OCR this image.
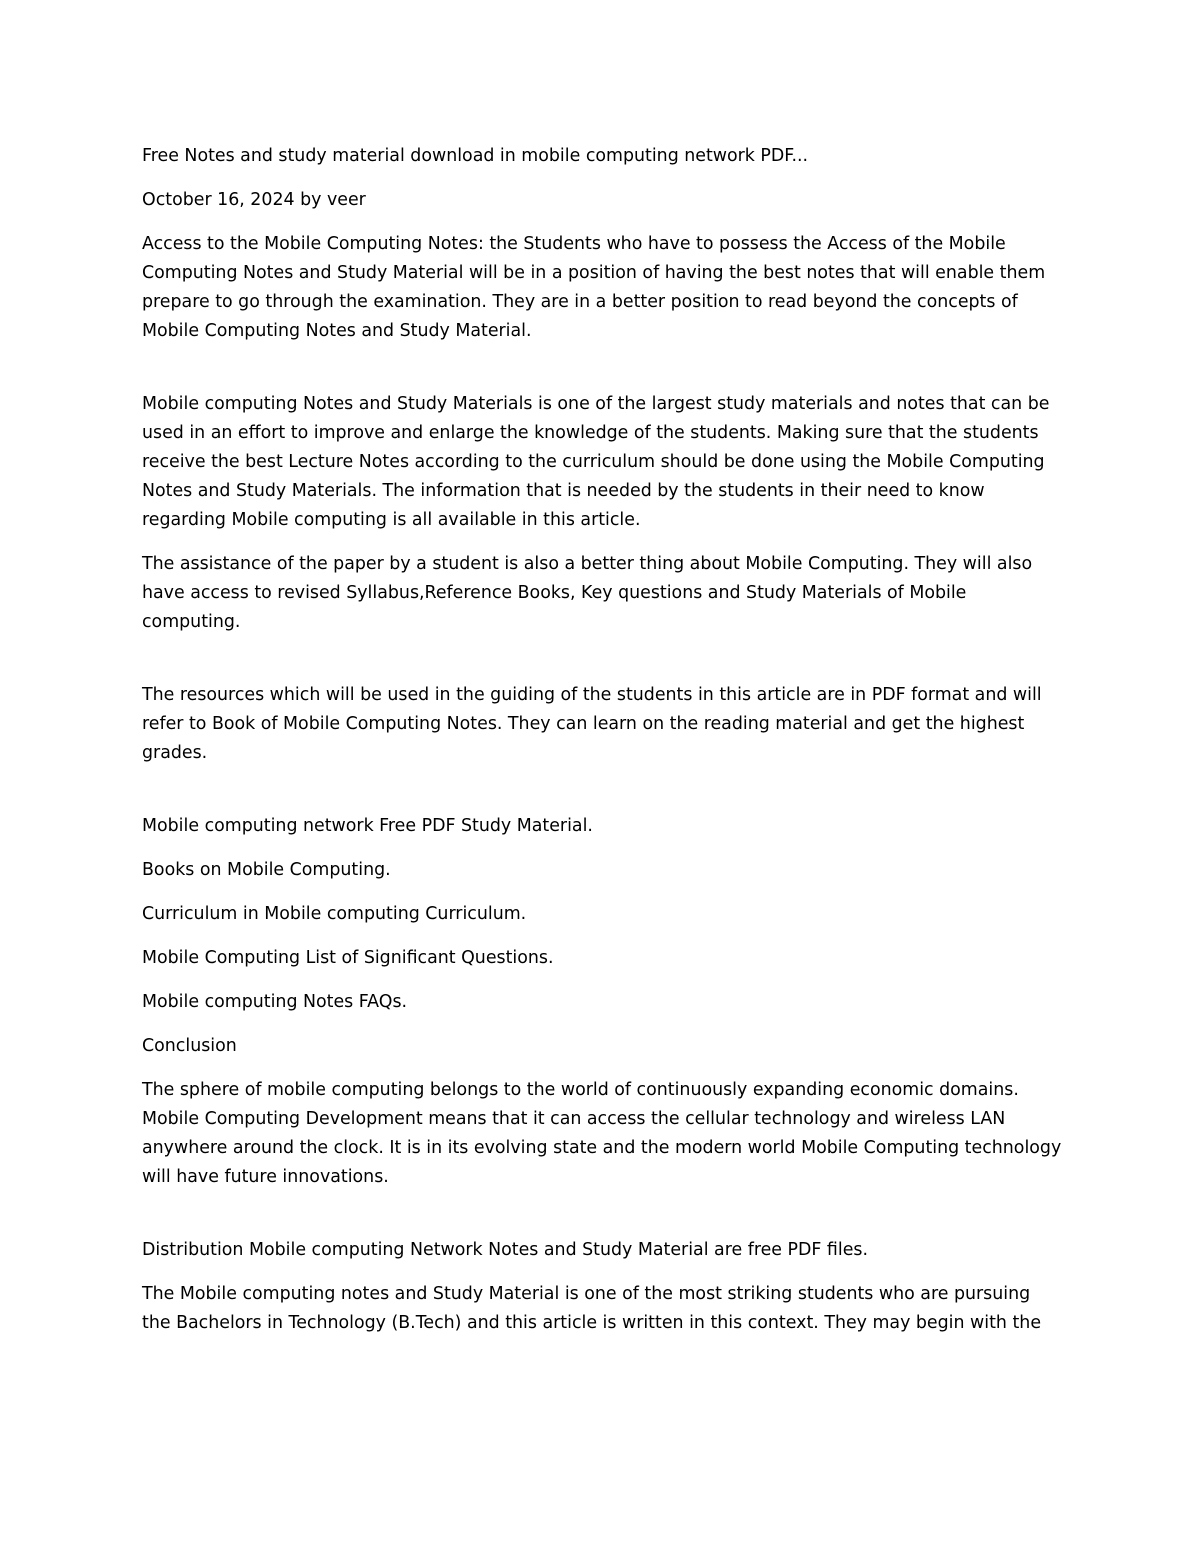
Free Notes and study material download in mobile computing network PDF...

October 16, 2024 by veer

Access to the Mobile Computing Notes: the Students who have to possess the Access of the Mobile Computing Notes and Study Material will be in a position of having the best notes that will enable them prepare to go through the examination. They are in a better position to read beyond the concepts of Mobile Computing Notes and Study Material.

Mobile computing Notes and Study Materials is one of the largest study materials and notes that can be used in an effort to improve and enlarge the knowledge of the students. Making sure that the students receive the best Lecture Notes according to the curriculum should be done using the Mobile Computing Notes and Study Materials. The information that is needed by the students in their need to know regarding Mobile computing is all available in this article.

The assistance of the paper by a student is also a better thing about Mobile Computing. They will also have access to revised Syllabus,Reference Books, Key questions and Study Materials of Mobile computing.

The resources which will be used in the guiding of the students in this article are in PDF format and will refer to Book of Mobile Computing Notes. They can learn on the reading material and get the highest grades.

Mobile computing network Free PDF Study Material.

Books on Mobile Computing.

Curriculum in Mobile computing Curriculum.

Mobile Computing List of Significant Questions.

Mobile computing Notes FAQs.

Conclusion

The sphere of mobile computing belongs to the world of continuously expanding economic domains. Mobile Computing Development means that it can access the cellular technology and wireless LAN anywhere around the clock. It is in its evolving state and the modern world Mobile Computing technology will have future innovations.

Distribution Mobile computing Network Notes and Study Material are free PDF files.

The Mobile computing notes and Study Material is one of the most striking students who are pursuing the Bachelors in Technology (B.Tech) and this article is written in this context. They may begin with the
